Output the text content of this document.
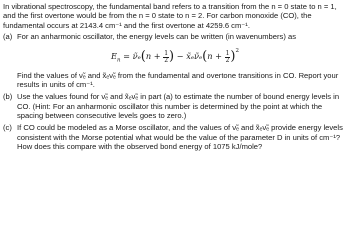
In vibrational spectroscopy, the fundamental band refers to a transition from the n = 0 state to n = 1, and the first overtone would be from the n = 0 state to n = 2. For carbon monoxide (CO), the fundamental occurs at 2143.4 cm⁻¹ and the first overtone at 4259.6 cm⁻¹.

(a) For an anharmonic oscillator, the energy levels can be written (in wavenumbers) as
$E_n$ = ν̃ₑ(n + $\frac{1}{2}$ ) − x̃ₑν̃ₑ(n + $\frac{1}{2} )^2$

Find the values of ν̃ₑ and x̃ₑν̃ₑ from the fundamental and overtone transitions in CO. Report your results in units of cm⁻¹.

(b) Use the values found for ν̃ₑ and x̃ₑν̃ₑ in part (a) to estimate the number of bound energy levels in CO. (Hint: For an anharmonic oscillator this number is determined by the point at which the spacing between consecutive levels goes to zero.)
(c) If CO could be modeled as a Morse oscillator, and the values of ν̃ₑ and x̃ₑν̃ₑ provide energy levels consistent with the Morse potential what would be the value of the parameter D in units of cm⁻¹? How does this compare with the observed bond energy of 1075 kJ/mole?
